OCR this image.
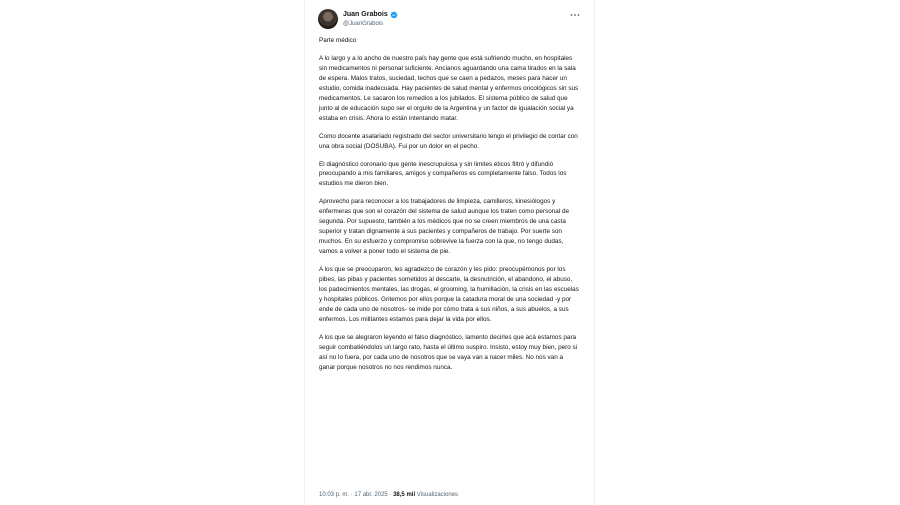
Juan Grabois
@JuanGrabois

Parte médico

A lo largo y a lo ancho de nuestro país hay gente que está sufriendo mucho, en hospitales sin medicamentos ni personal suficiente. Ancianos aguardando una cama tirados en la sala de espera. Malos tratos, suciedad, techos que se caen a pedazos, meses para hacer un estudio, comida inadecuada. Hay pacientes de salud mental y enfermos oncológicos sin sus medicamentos. Le sacaron los remedios a los jubilados. El sistema público de salud que junto al de educación supo ser el orgullo de la Argentina y un factor de igualación social ya estaba en crisis. Ahora lo están intentando matar.

Como docente asalariado registrado del sector universitario tengo el privilegio de contar con una obra social (DOSUBA). Fui por un dolor en el pecho.

El diagnóstico coronario que gente inescrupulosa y sin limites éticos filtró y difundió preocupando a mis familiares, amigos y compañeros es completamente falso. Todos los estudios me dieron bien.

Aprovecho para reconocer a los trabajadores de limpieza, camilleros, kinesiólogos y enfermeras que son el corazón del sistema de salud aunque los traten como personal de segunda. Por supuesto, también a los médicos que no se creen miembros de una casta superior y tratan dignamente a sus pacientes y compañeros de trabajo. Por suerte son muchos. En su esfuerzo y compromiso sobrevive la fuerza con la que, no tengo dudas, vamos a volver a poner todo el sistema de pie.

A los que se preocuparon, les agradezco de corazón y les pido: preocupémonos por los pibes, las pibas y pacientes sometidos al descarte, la desnutrición, el abandono, el abuso, los padecimientos mentales, las drogas, el grooming, la humillación, la crisis en las escuelas y hospitales públicos. Gritemos por ellos porque la catadura moral de una sociedad -y por ende de cada uno de nosotros- se mide por cómo trata a sus niños, a sus abuelos, a sus enfermos. Los militantes estamos para dejar la vida por ellos.

A los que se alegraron leyendo el falso diagnóstico, lamento decirles que acá estamos para seguir combatiéndolos un largo rato, hasta el último suspiro. Insisto, estoy muy bien, pero si así no lo fuera, por cada uno de nosotros que se vaya van a nacer miles. No nos van a ganar porque nosotros no nos rendimos nunca.

10:03 p. m. · 17 abr. 2025 · 38,5 mil Visualizaciones
